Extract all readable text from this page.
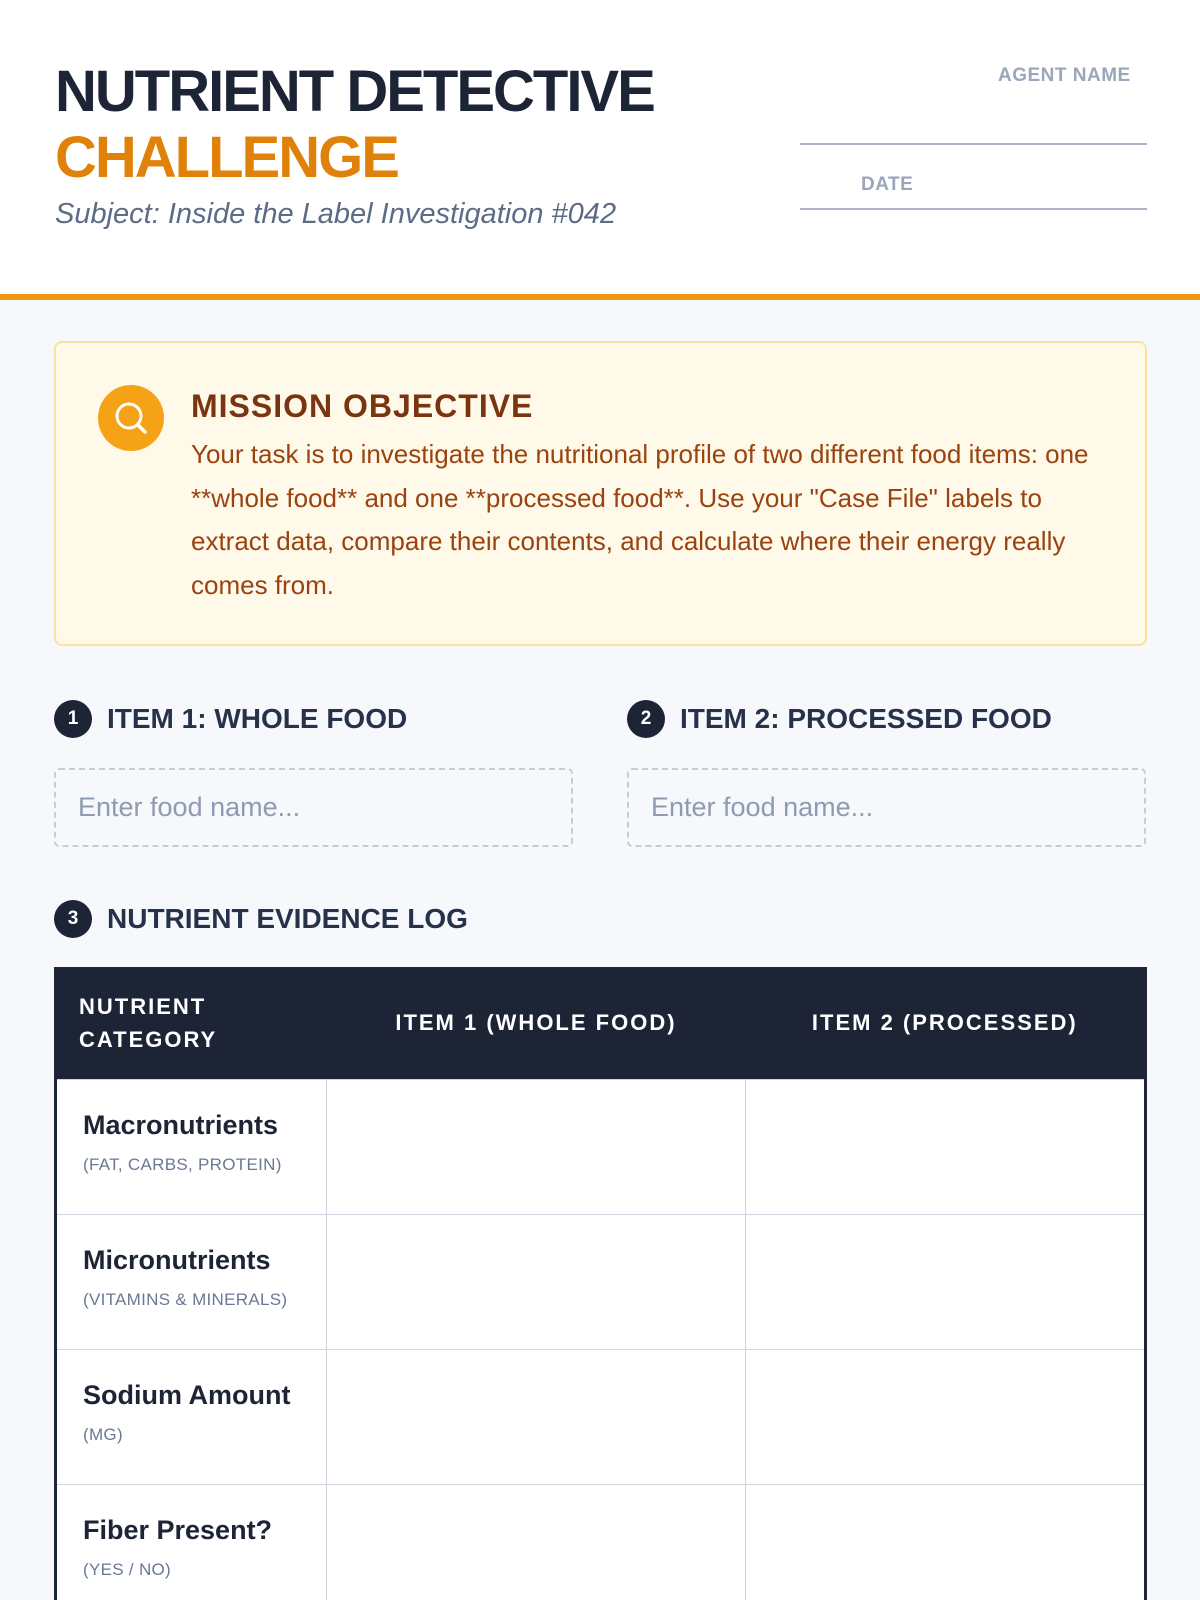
NUTRIENT DETECTIVE
CHALLENGE
Subject: Inside the Label Investigation #042
AGENT NAME
DATE
MISSION OBJECTIVE
Your task is to investigate the nutritional profile of two different food items: one **whole food** and one **processed food**. Use your "Case File" labels to extract data, compare their contents, and calculate where their energy really comes from.
1	ITEM 1: WHOLE FOOD
Enter food name...	2	ITEM 2: PROCESSED FOOD
Enter food name...
3	NUTRIENT EVIDENCE LOG
NUTRIENT CATEGORY	ITEM 1 (WHOLE FOOD)	ITEM 2 (PROCESSED)

Macronutrients
(FAT, CARBS, PROTEIN)		

Micronutrients
(VITAMINS & MINERALS)		

Sodium Amount
(MG)		

Fiber Present?
(YES / NO)		
